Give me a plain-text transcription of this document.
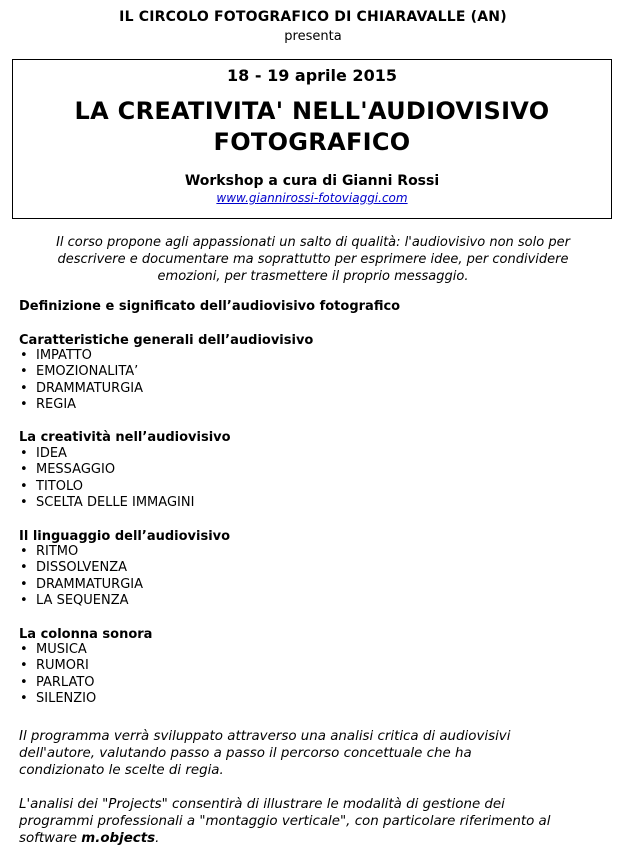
IL CIRCOLO FOTOGRAFICO DI CHIARAVALLE (AN)
presenta
18 - 19 aprile 2015
LA CREATIVITA' NELL'AUDIOVISIVO
FOTOGRAFICO
Workshop a cura di Gianni Rossi
www.giannirossi-fotoviaggi.com
Il corso propone agli appassionati un salto di qualità: l'audiovisivo non solo per
descrivere e documentare ma soprattutto per esprimere idee, per condividere
emozioni, per trasmettere il proprio messaggio.
Definizione e significato dell’audiovisivo fotografico
Caratteristiche generali dell’audiovisivo
• IMPATTO
• EMOZIONALITA’
• DRAMMATURGIA
• REGIA
La creatività nell’audiovisivo
• IDEA
• MESSAGGIO
• TITOLO
• SCELTA DELLE IMMAGINI
Il linguaggio dell’audiovisivo
• RITMO
• DISSOLVENZA
• DRAMMATURGIA
• LA SEQUENZA
La colonna sonora
• MUSICA
• RUMORI
• PARLATO
• SILENZIO
Il programma verrà sviluppato attraverso una analisi critica di audiovisivi
dell'autore, valutando passo a passo il percorso concettuale che ha
condizionato le scelte di regia.
L'analisi dei "Projects" consentirà di illustrare le modalità di gestione dei
programmi professionali a "montaggio verticale", con particolare riferimento al
software m.objects.
